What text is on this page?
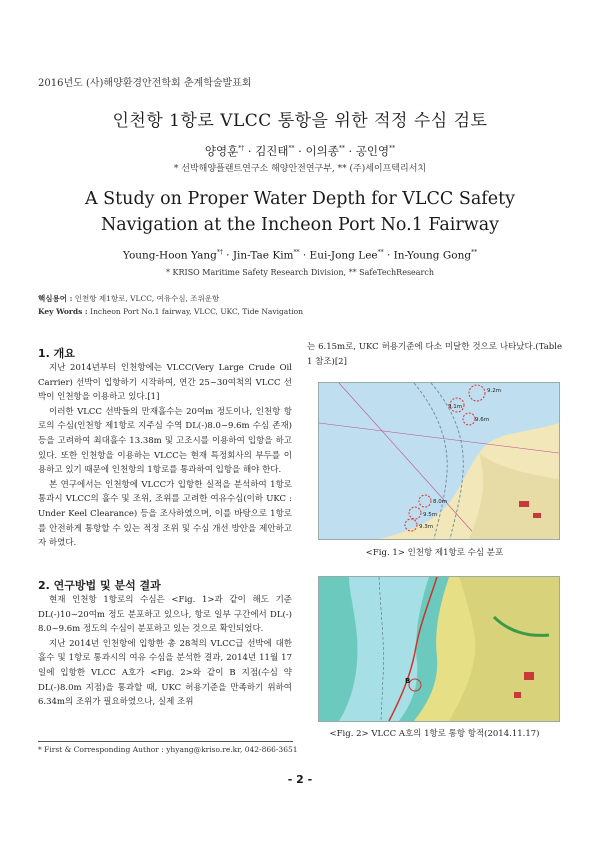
2016년도 (사)해양환경안전학회 춘계학술발표회
인천항 1항로 VLCC 통항을 위한 적정 수심 검토
양영훈*† · 김진태** · 이의종** · 공인영**
* 선박해양플랜트연구소 해양안전연구부, ** (주)세이프텍리서치
A Study on Proper Water Depth for VLCC Safety Navigation at the Incheon Port No.1 Fairway
Young-Hoon Yang*† · Jin-Tae Kim** · Eui-Jong Lee** · In-Young Gong**
* KRISO Maritime Safety Research Division, ** SafeTechResearch
핵심용어 : 인천항 제1항로, VLCC, 여유수심, 조위운항
Key Words : Incheon Port No.1 fairway, VLCC, UKC, Tide Navigation
1. 개요
지난 2014년부터 인천항에는 VLCC(Very Large Crude Oil Carrier) 선박이 입항하기 시작하여, 연간 25~30여척의 VLCC 선박이 인천항을 이용하고 있다.[1]
이러한 VLCC 선박들의 만재흘수는 20여m 정도이나, 인천항 항로의 수심(인천항 제1항로 지주심 수역 DL(-)8.0~9.6m 수심 존재) 등을 고려하여 최대흘수 13.38m 및 고조시를 이용하여 입항을 하고 있다. 또한 인천항을 이용하는 VLCC는 현재 특정회사의 부두를 이용하고 있기 때문에 인천항의 1항로를 통과하여 입항을 해야 한다.
본 연구에서는 인천항에 VLCC가 입항한 실적을 분석하여 1항로 통과시 VLCC의 흘수 및 조위, 조위를 고려한 여유수심(이하 UKC : Under Keel Clearance) 등을 조사하였으며, 이를 바탕으로 1항로를 안전하게 통항할 수 있는 적정 조위 및 수심 개선 방안을 제안하고자 하였다.
2. 연구방법 및 분석 결과
현재 인천항 1항로의 수심은 <Fig. 1>과 같이 해도 기준 DL(-)10~20여m 정도 분포하고 있으나, 항로 일부 구간에서 DL(-) 8.0~9.6m 정도의 수심이 분포하고 있는 것으로 확인되었다.
지난 2014년 인천항에 입항한 총 28척의 VLCC급 선박에 대한 흘수 및 1항로 통과시의 여유 수심을 분석한 결과, 2014년 11월 17일에 입항한 VLCC A호가 <Fig. 2>와 같이 B 지점(수심 약 DL(-)8.0m 지점)을 통과할 때, UKC 허용기준을 만족하기 위하여 6.34m의 조위가 필요하였으나, 실제 조위
는 6.15m로, UKC 허용기준에 다소 미달한 것으로 나타났다.(Table 1 참조)[2]
9.2m
9.1m
9.6m
8.0m
9.5m
9.3m
<Fig. 1> 인천항 제1항로 수심 분포
B
<Fig. 2> VLCC A호의 1항로 통항 항적(2014.11.17)
* First & Corresponding Author : yhyang@kriso.re.kr, 042-866-3651
- 2 -
